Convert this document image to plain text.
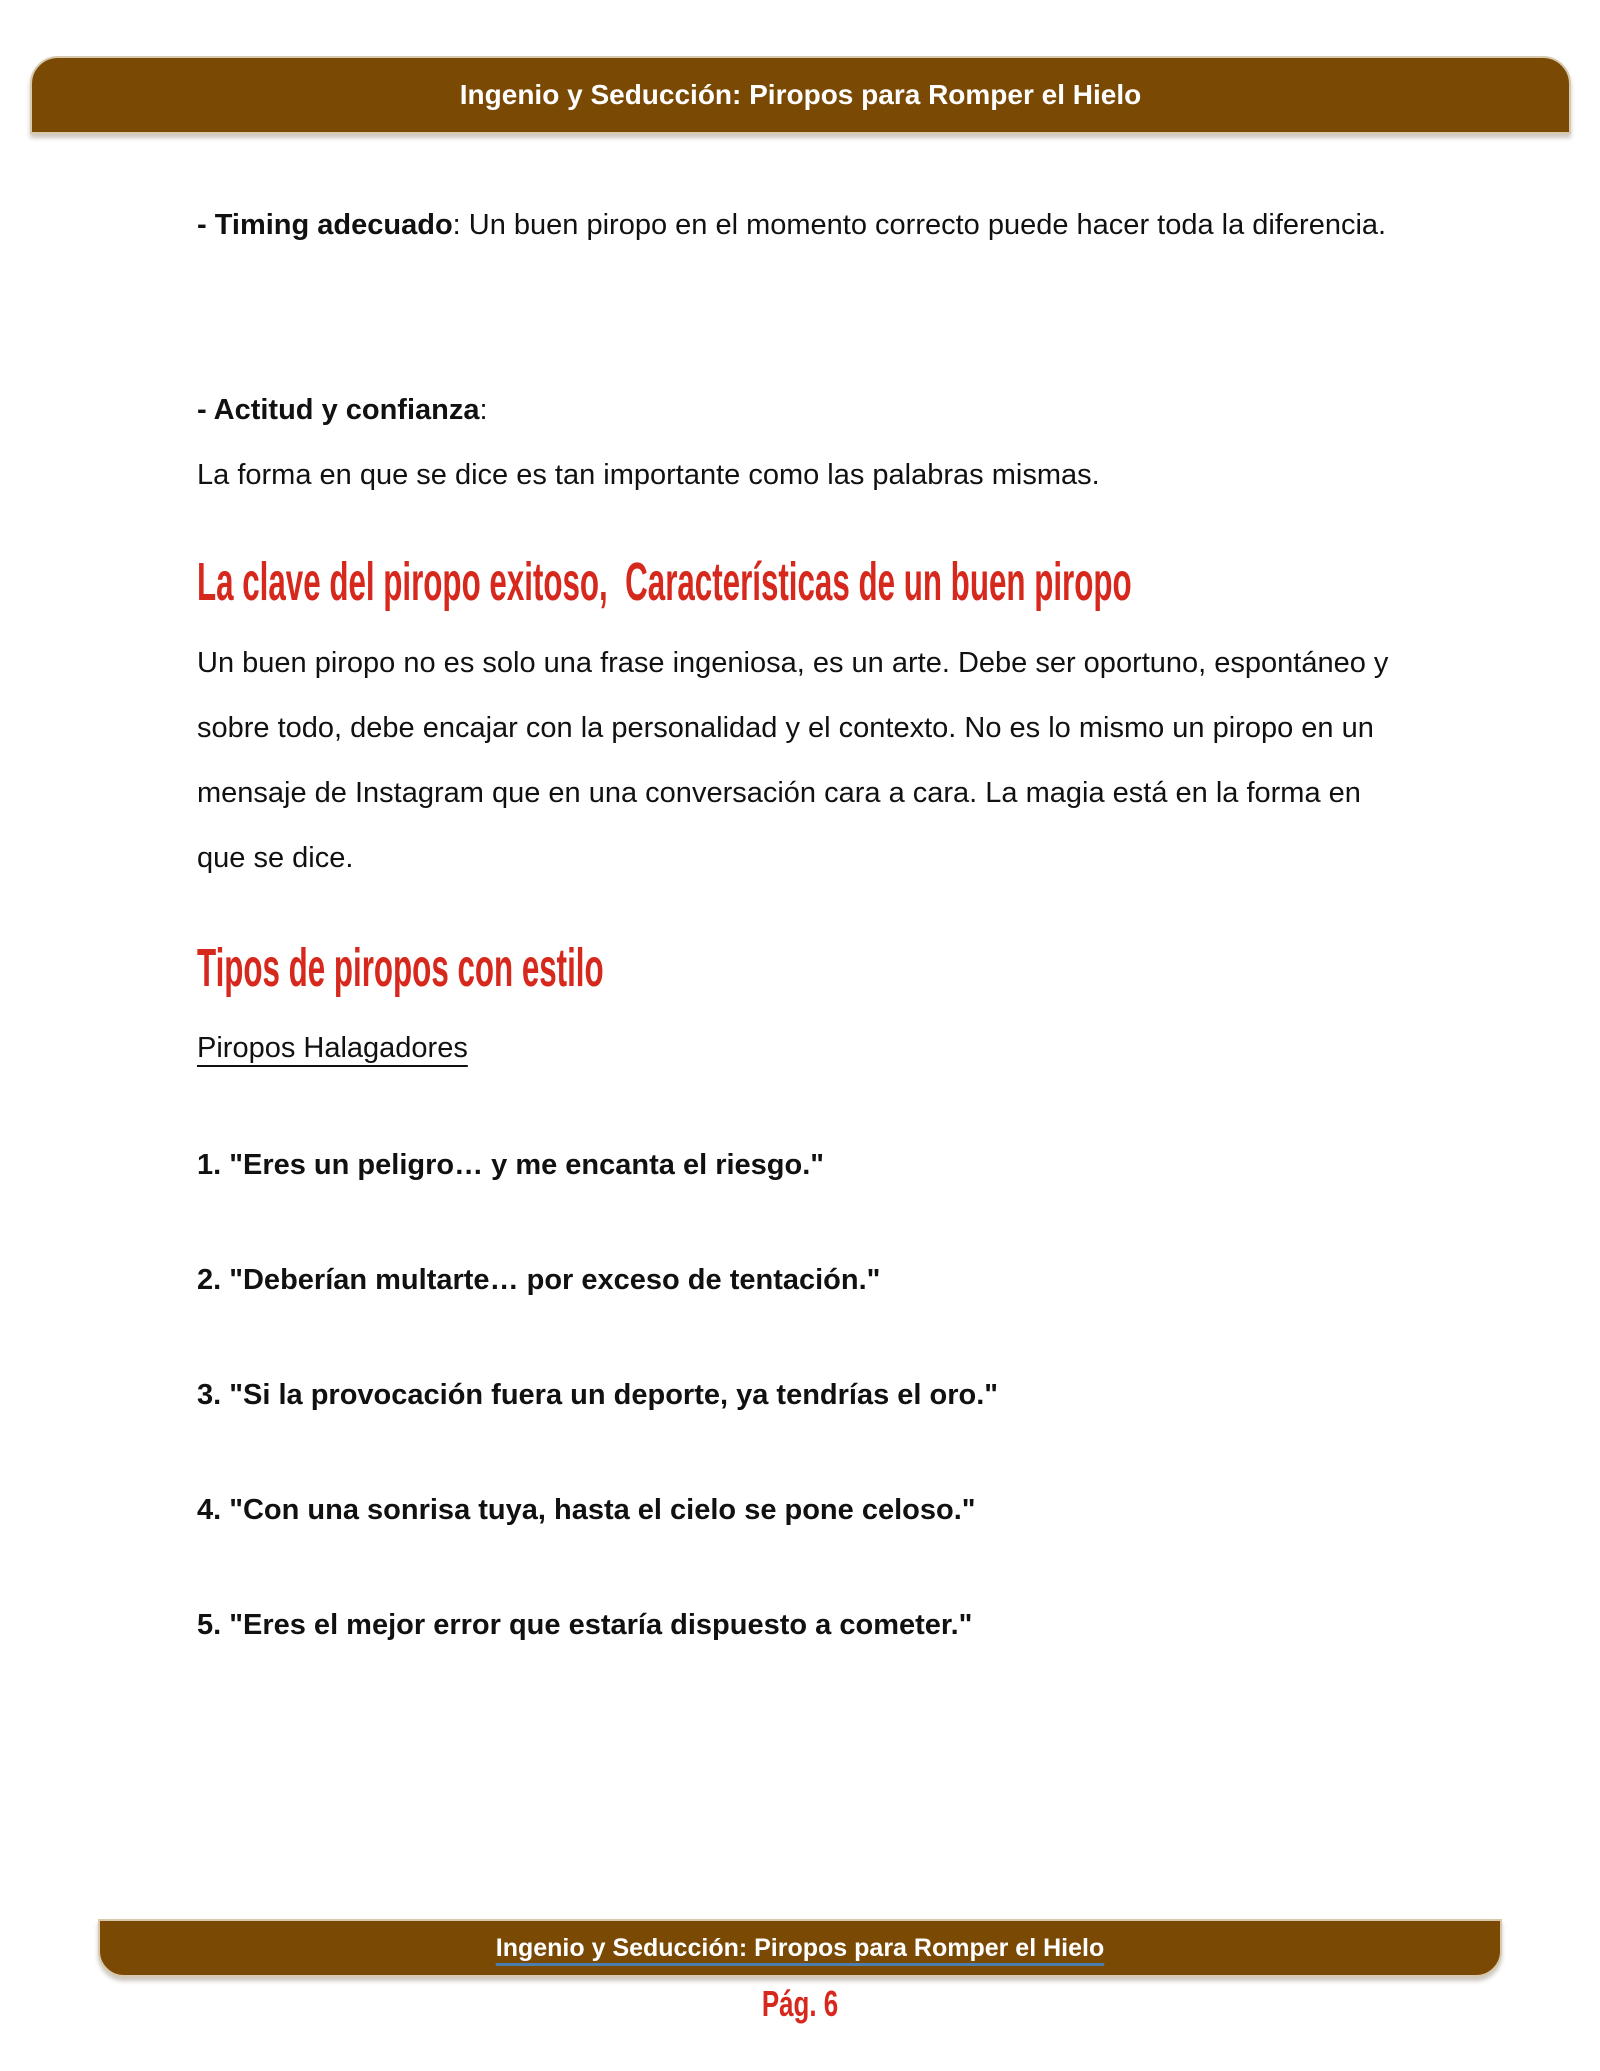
Ingenio y Seducción: Piropos para Romper el Hielo
- Timing adecuado: Un buen piropo en el momento correcto puede hacer toda la diferencia.
- Actitud y confianza:
La forma en que se dice es tan importante como las palabras mismas.
La clave del piropo exitoso,  Características de un buen piropo
Un buen piropo no es solo una frase ingeniosa, es un arte. Debe ser oportuno, espontáneo y sobre todo, debe encajar con la personalidad y el contexto. No es lo mismo un piropo en un mensaje de Instagram que en una conversación cara a cara. La magia está en la forma en que se dice.
Tipos de piropos con estilo
Piropos Halagadores
1. "Eres un peligro… y me encanta el riesgo."
2. "Deberían multarte… por exceso de tentación."
3. "Si la provocación fuera un deporte, ya tendrías el oro."
4. "Con una sonrisa tuya, hasta el cielo se pone celoso."
5. "Eres el mejor error que estaría dispuesto a cometer."
Ingenio y Seducción: Piropos para Romper el Hielo
Pág. 6
